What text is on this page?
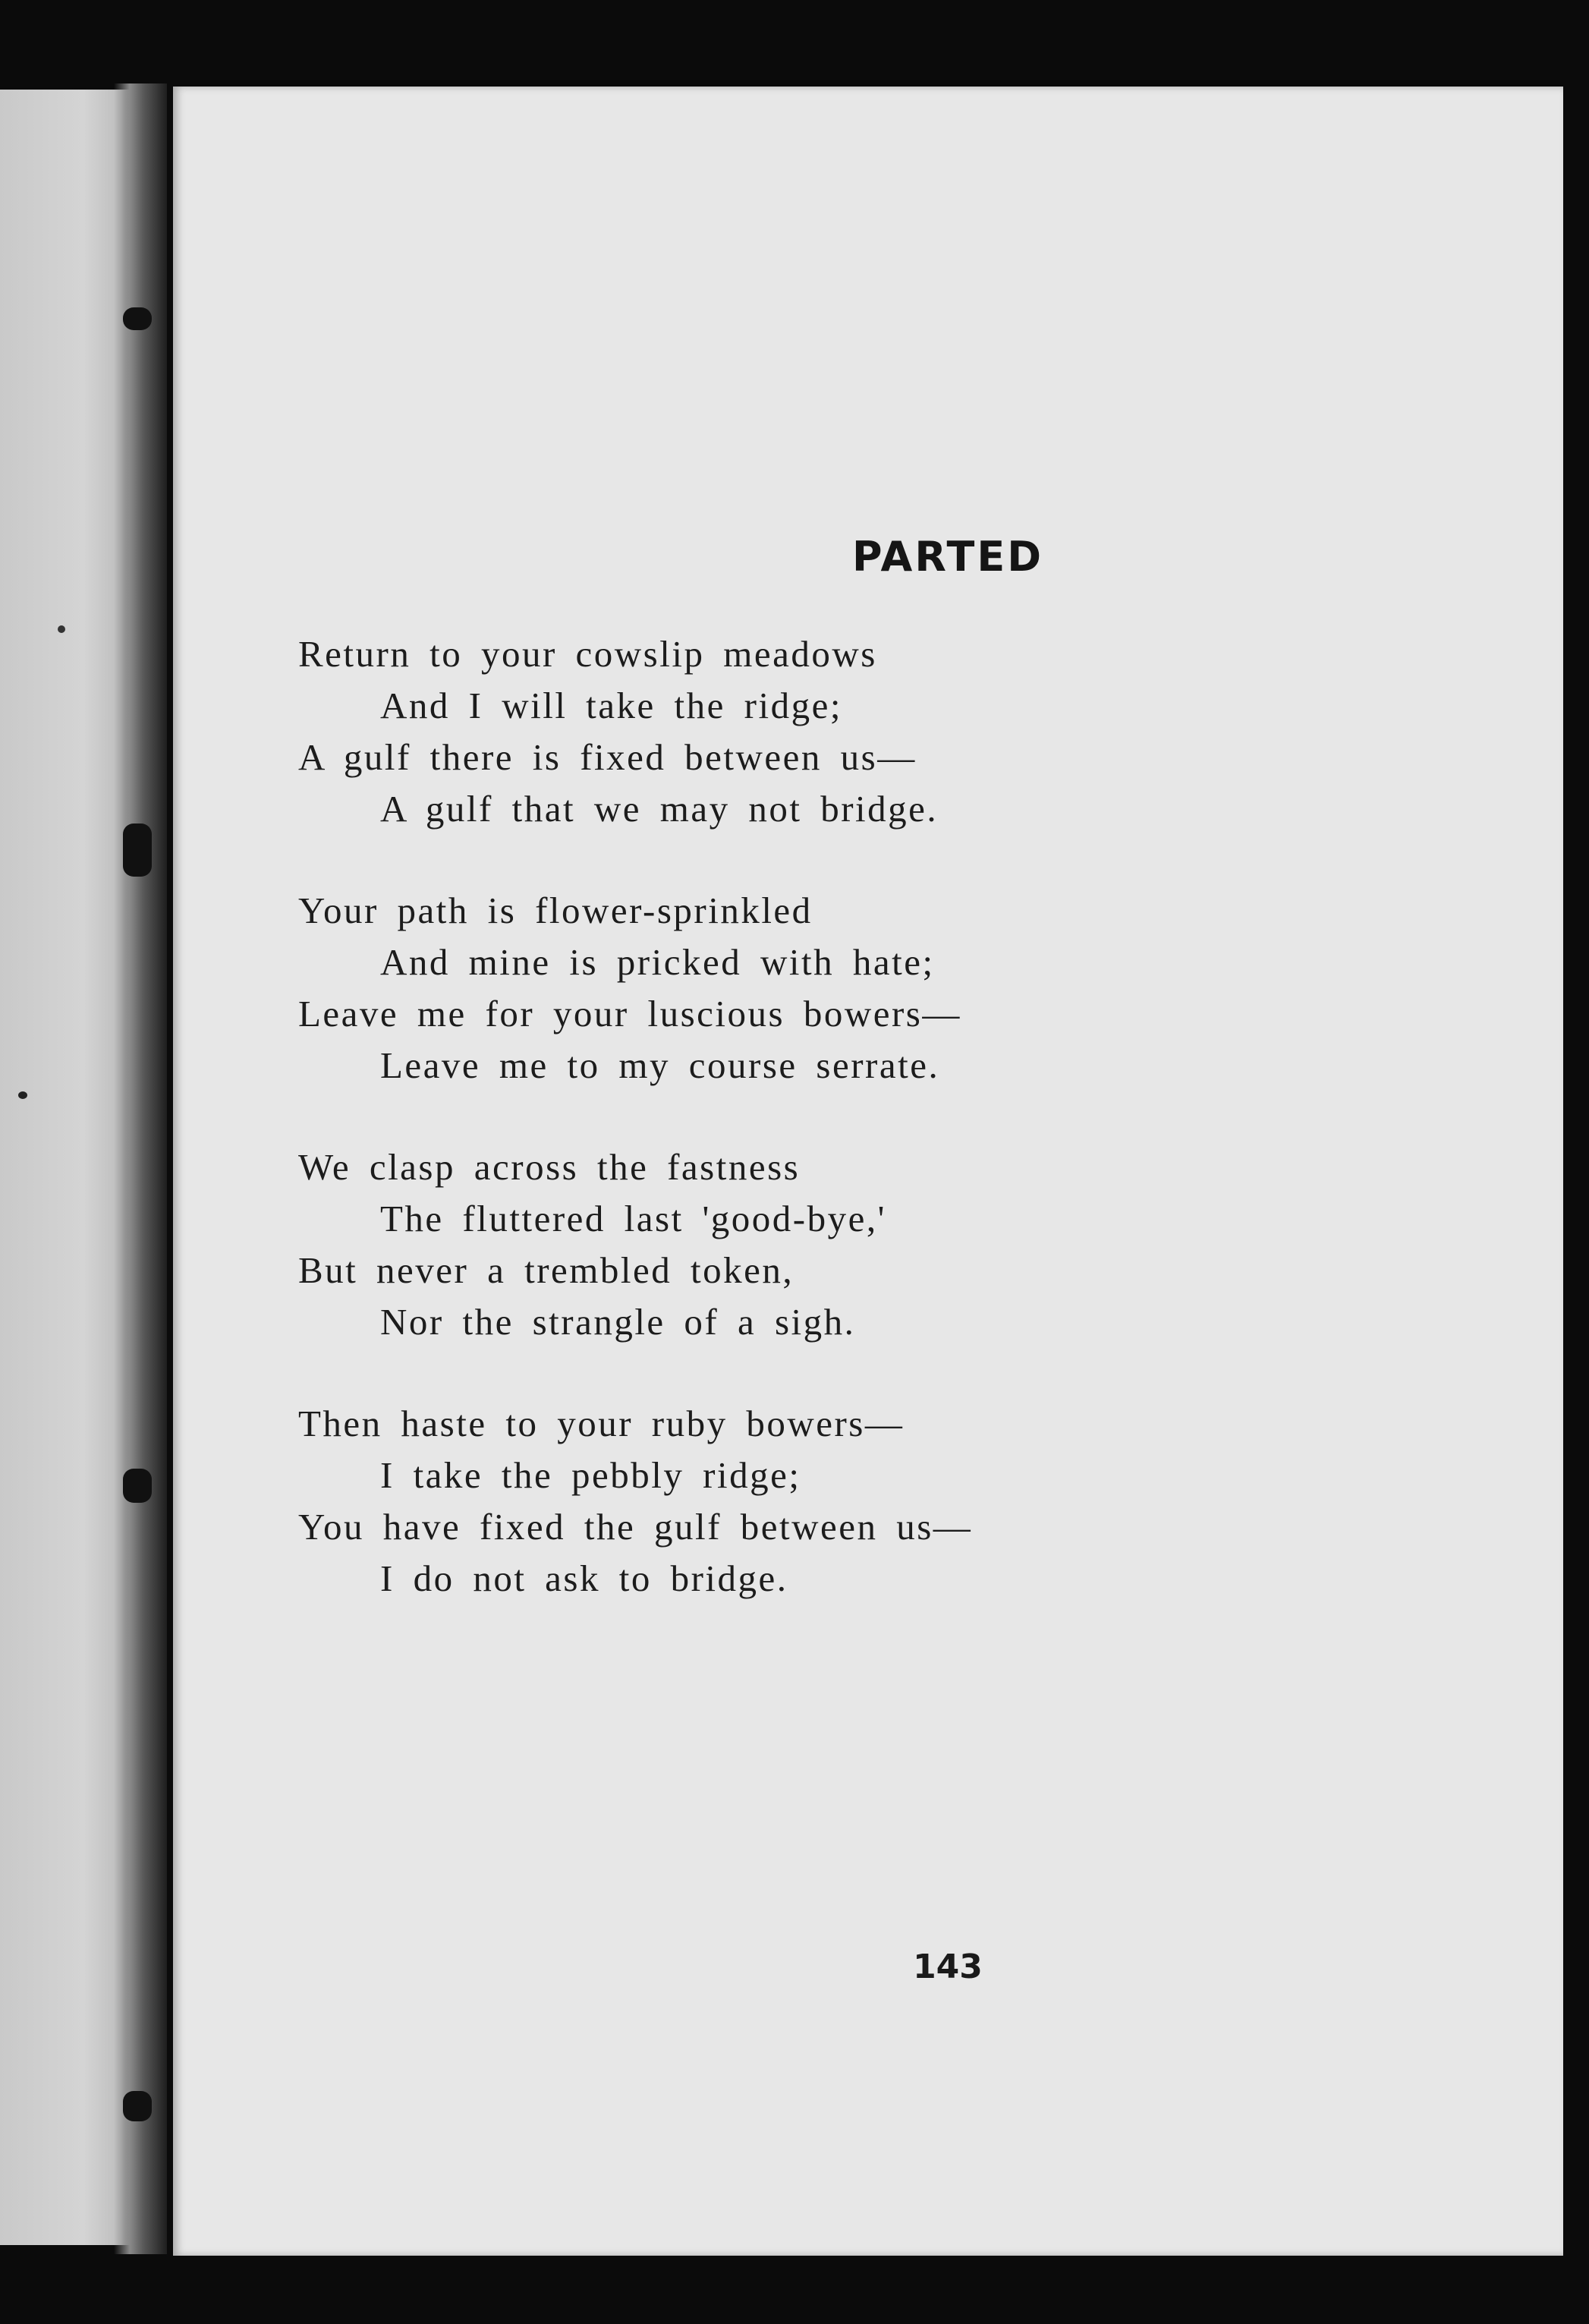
PARTED
Return to your cowslip meadows
And I will take the ridge;
A gulf there is fixed between us—
A gulf that we may not bridge.
Your path is flower-sprinkled
And mine is pricked with hate;
Leave me for your luscious bowers—
Leave me to my course serrate.
We clasp across the fastness
The fluttered last 'good-bye,'
But never a trembled token,
Nor the strangle of a sigh.
Then haste to your ruby bowers—
I take the pebbly ridge;
You have fixed the gulf between us—
I do not ask to bridge.
143
